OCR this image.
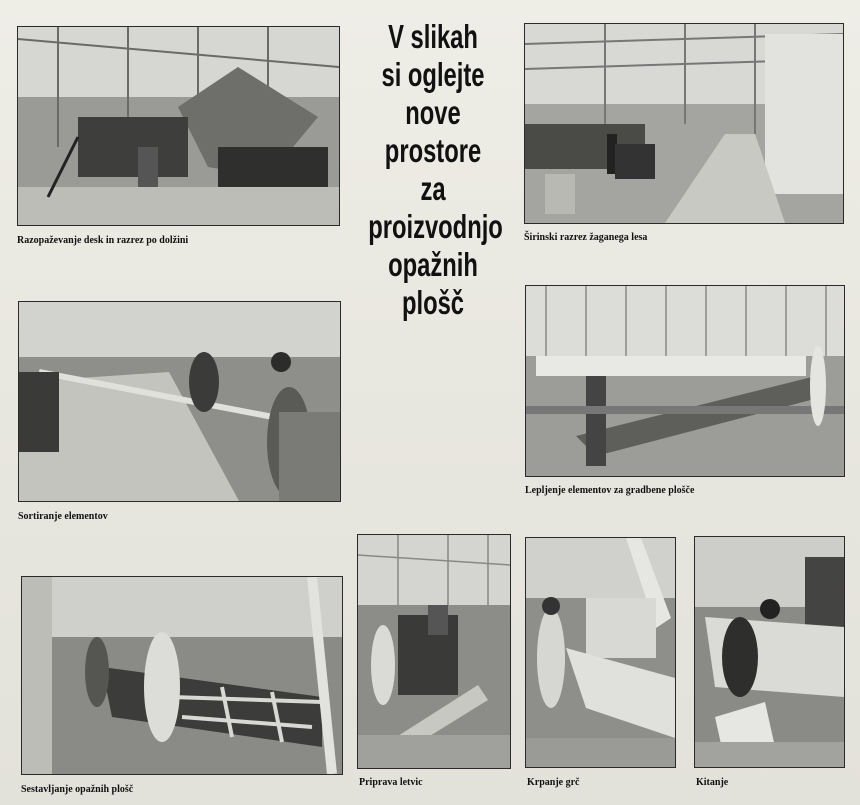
V slikah
si oglejte
nove
prostore
za proizvodnjo
opažnih
plošč

Razopaževanje desk in razrez po dolžini	Širinski razrez žaganega lesa

Sortiranje elementov

Lepljenje elementov za gradbene plošče

Sestavljanje opažnih plošč

Priprava letvic	Krpanje grč	Kitanje
